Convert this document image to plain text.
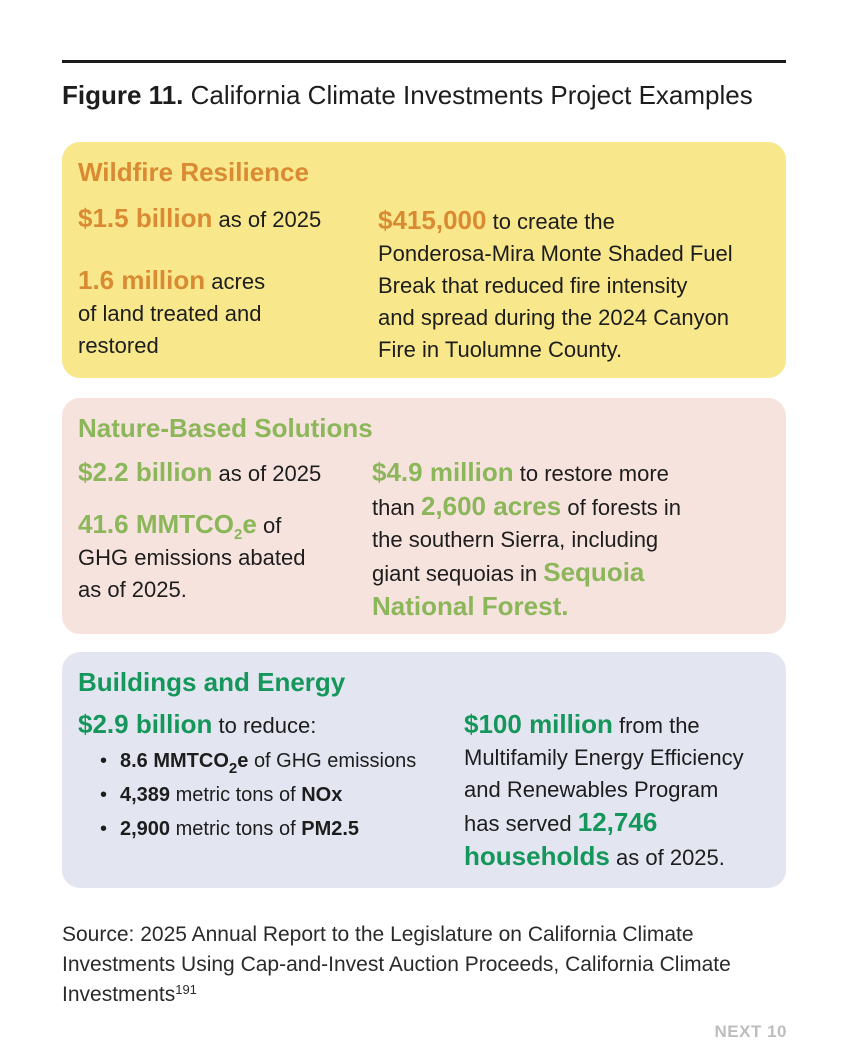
Figure 11. California Climate Investments Project Examples
Wildfire Resilience
$1.5 billion as of 2025
1.6 million acres
of land treated and
restored
$415,000 to create the
Ponderosa-Mira Monte Shaded Fuel
Break that reduced fire intensity
and spread during the 2024 Canyon
Fire in Tuolumne County.
Nature-Based Solutions
$2.2 billion as of 2025
41.6 $MMTCO_2e$ of
GHG emissions abated
as of 2025.
$4.9 million to restore more
than 2,600 acres of forests in
the southern Sierra, including
giant sequoias in Sequoia
National Forest.
Buildings and Energy
$2.9 billion to reduce:
• 8.6 $MMTCO_2e$ of GHG emissions
• 4,389 metric tons of NOx
• 2,900 metric tons of PM2.5
$100 million from the
Multifamily Energy Efficiency
and Renewables Program
has served 12,746
households as of 2025.
Source: 2025 Annual Report to the Legislature on California Climate Investments Using Cap-and-Invest Auction Proceeds, California Climate Investments$^{191}$
NEXT 10
